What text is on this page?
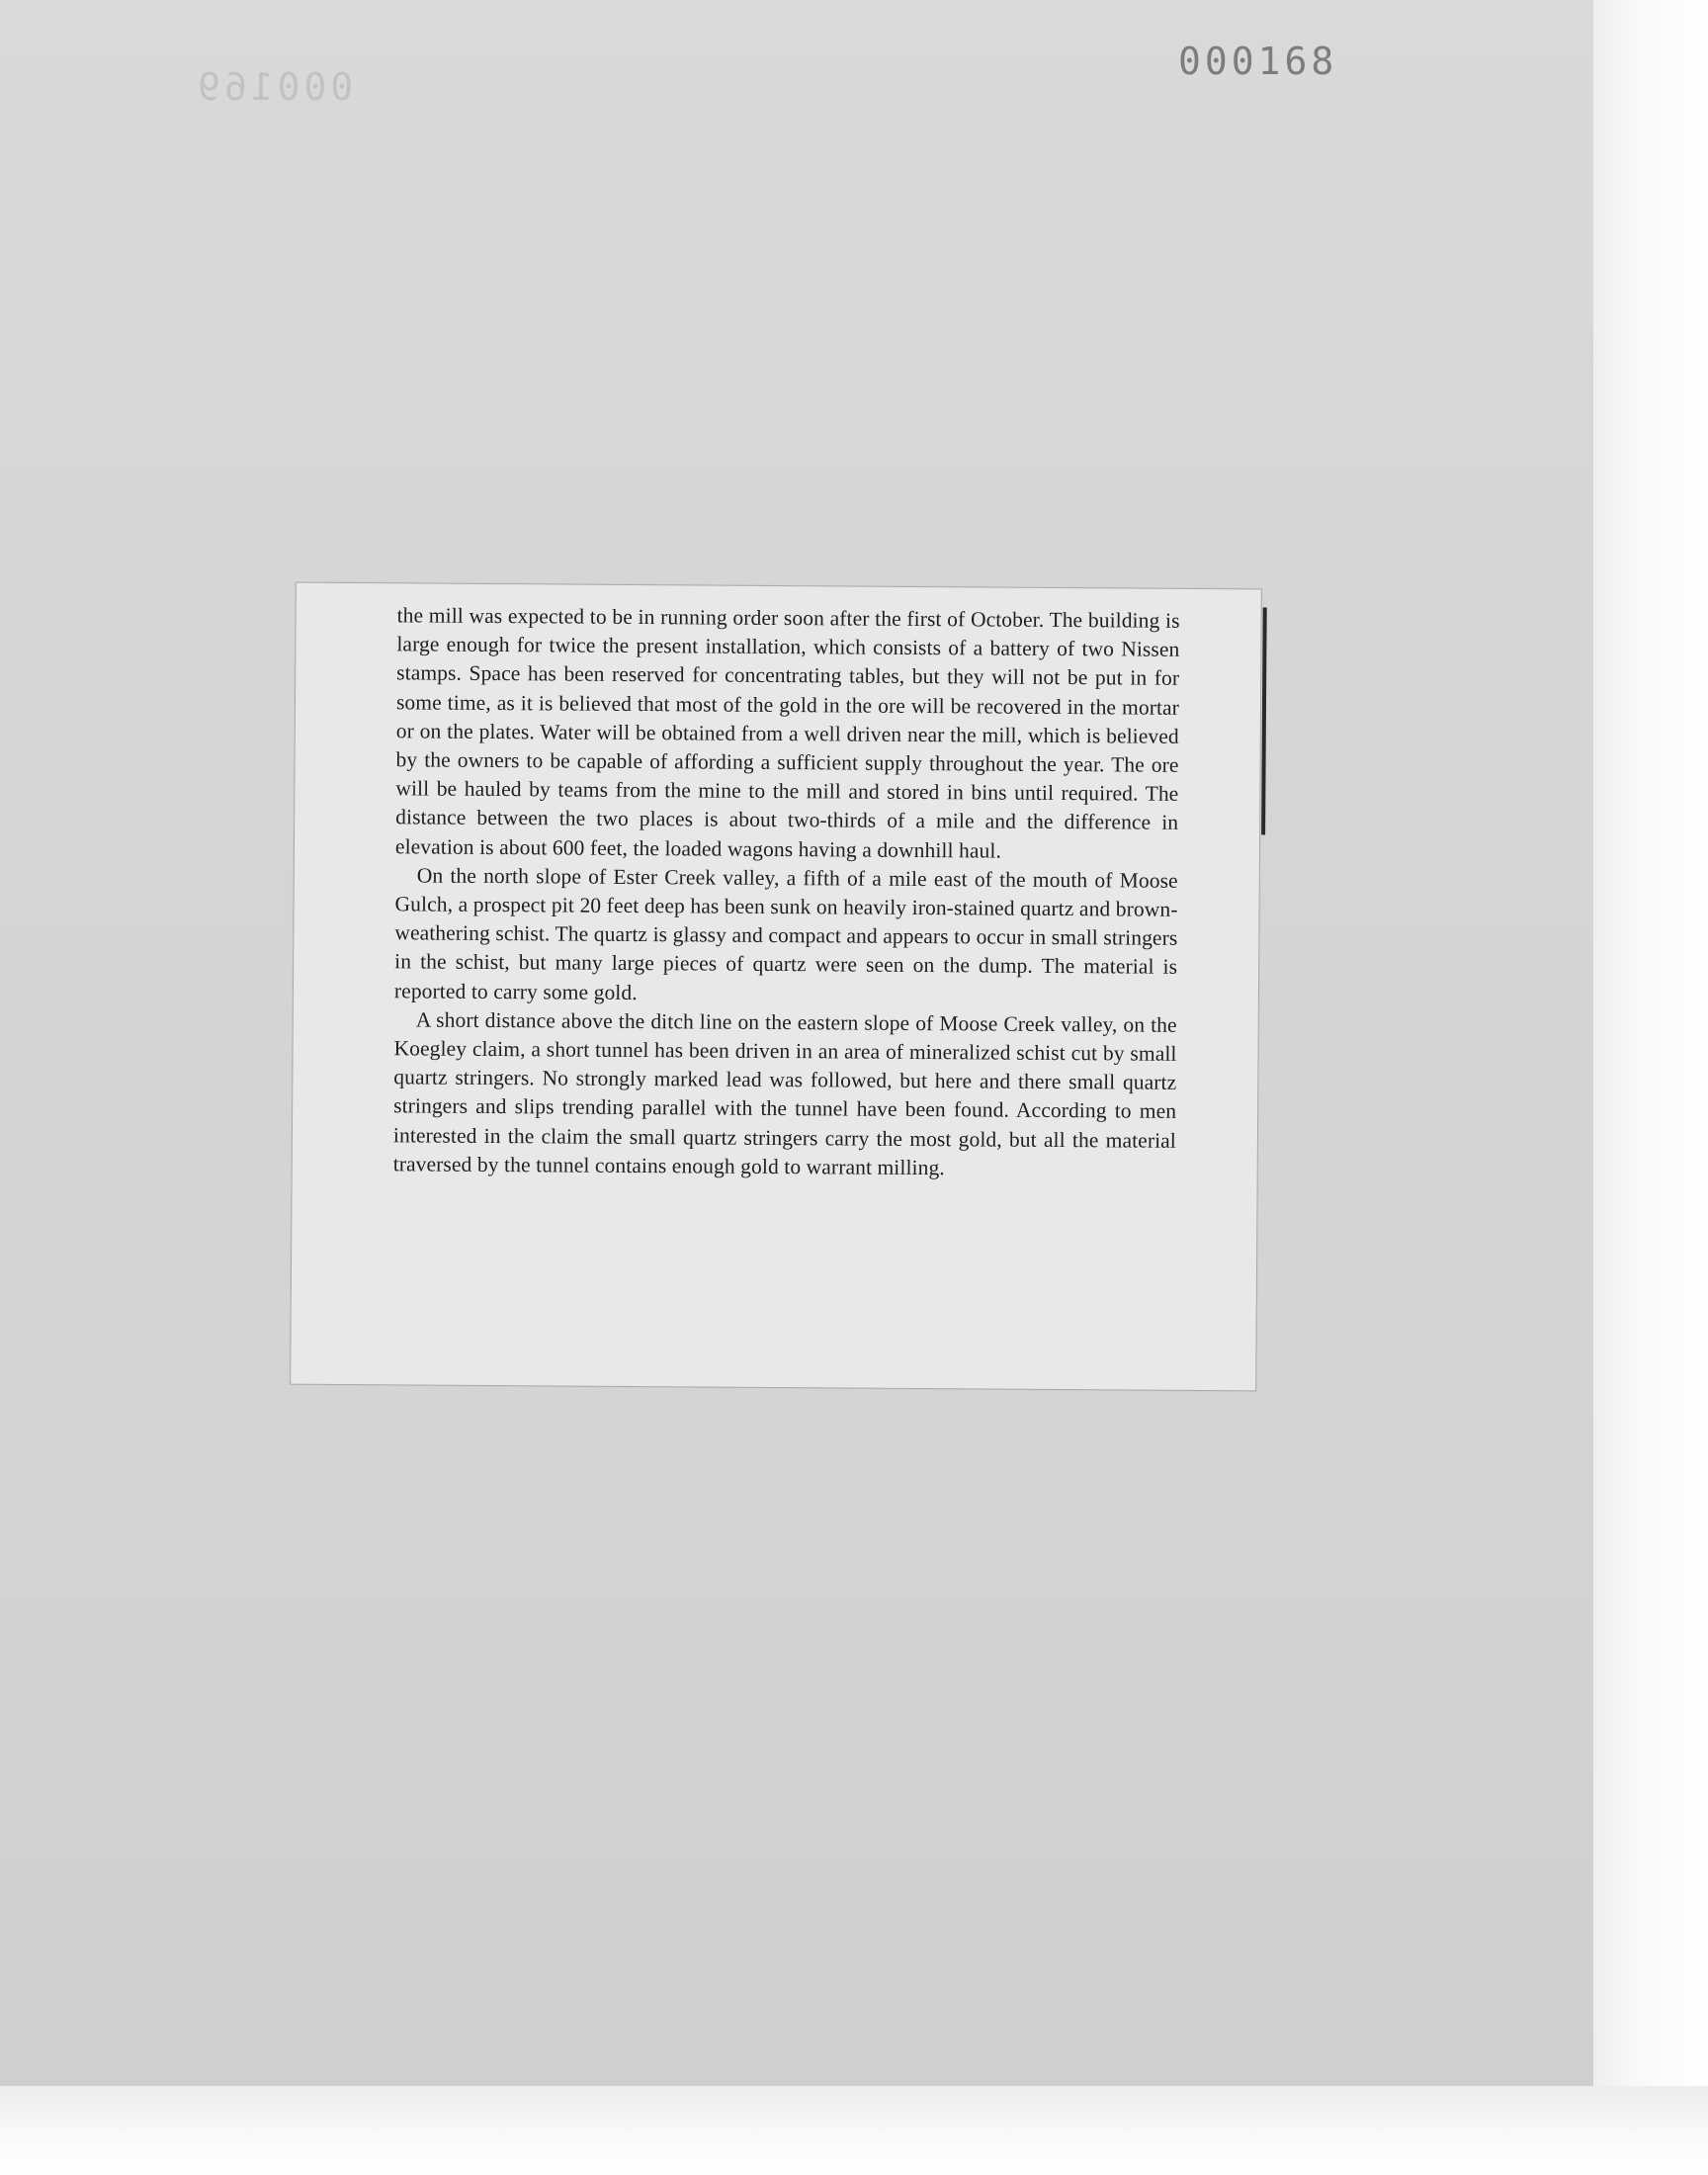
000169
000168

the mill was expected to be in running order soon after the first of October. The building is large enough for twice the present installation, which consists of a battery of two Nissen stamps. Space has been reserved for concentrating tables, but they will not be put in for some time, as it is believed that most of the gold in the ore will be recovered in the mortar or on the plates. Water will be obtained from a well driven near the mill, which is believed by the owners to be capable of affording a sufficient supply throughout the year. The ore will be hauled by teams from the mine to the mill and stored in bins until required. The distance between the two places is about two-thirds of a mile and the difference in elevation is about 600 feet, the loaded wagons having a downhill haul.

On the north slope of Ester Creek valley, a fifth of a mile east of the mouth of Moose Gulch, a prospect pit 20 feet deep has been sunk on heavily iron-stained quartz and brown-weathering schist. The quartz is glassy and compact and appears to occur in small stringers in the schist, but many large pieces of quartz were seen on the dump. The material is reported to carry some gold.

A short distance above the ditch line on the eastern slope of Moose Creek valley, on the Koegley claim, a short tunnel has been driven in an area of mineralized schist cut by small quartz stringers. No strongly marked lead was followed, but here and there small quartz stringers and slips trending parallel with the tunnel have been found. According to men interested in the claim the small quartz stringers carry the most gold, but all the material traversed by the tunnel contains enough gold to warrant milling.
